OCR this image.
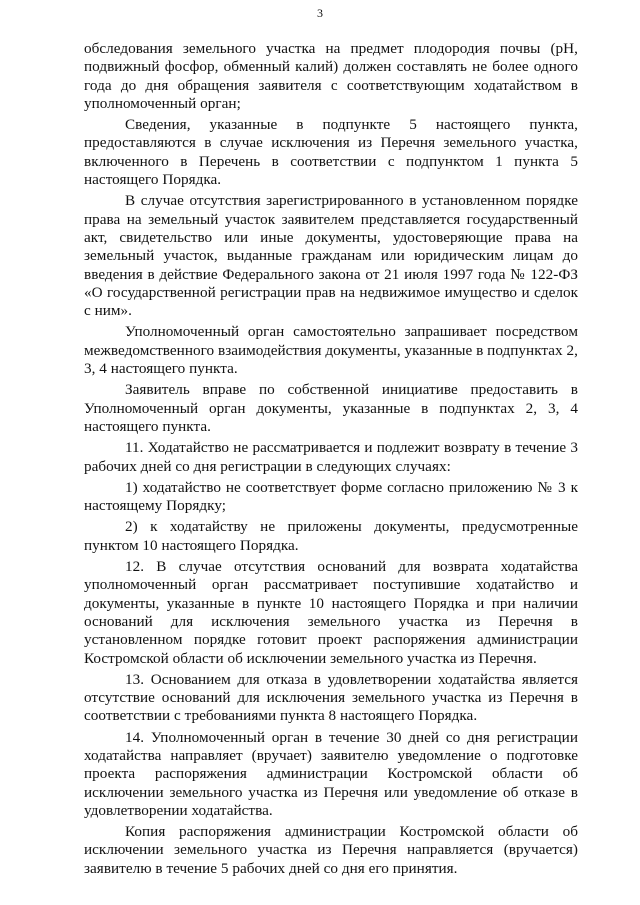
3

обследования земельного участка на предмет плодородия почвы (pH, подвижный фосфор, обменный калий) должен составлять не более одного года до дня обращения заявителя с соответствующим ходатайством в уполномоченный орган;

Сведения, указанные в подпункте 5 настоящего пункта, предоставляются в случае исключения из Перечня земельного участка, включенного в Перечень в соответствии с подпунктом 1 пункта 5 настоящего Порядка.

В случае отсутствия зарегистрированного в установленном порядке права на земельный участок заявителем представляется государственный акт, свидетельство или иные документы, удостоверяющие права на земельный участок, выданные гражданам или юридическим лицам до введения в действие Федерального закона от 21 июля 1997 года № 122-ФЗ «О государственной регистрации прав на недвижимое имущество и сделок с ним».

Уполномоченный орган самостоятельно запрашивает посредством межведомственного взаимодействия документы, указанные в подпунктах 2, 3, 4 настоящего пункта.

Заявитель вправе по собственной инициативе предоставить в Уполномоченный орган документы, указанные в подпунктах 2, 3, 4 настоящего пункта.

11. Ходатайство не рассматривается и подлежит возврату в течение 3 рабочих дней со дня регистрации в следующих случаях:

1) ходатайство не соответствует форме согласно приложению № 3 к настоящему Порядку;

2) к ходатайству не приложены документы, предусмотренные пунктом 10 настоящего Порядка.

12. В случае отсутствия оснований для возврата ходатайства уполномоченный орган рассматривает поступившие ходатайство и документы, указанные в пункте 10 настоящего Порядка и при наличии оснований для исключения земельного участка из Перечня в установленном порядке готовит проект распоряжения администрации Костромской области об исключении земельного участка из Перечня.

13. Основанием для отказа в удовлетворении ходатайства является отсутствие оснований для исключения земельного участка из Перечня в соответствии с требованиями пункта 8 настоящего Порядка.

14. Уполномоченный орган в течение 30 дней со дня регистрации ходатайства направляет (вручает) заявителю уведомление о подготовке проекта распоряжения администрации Костромской области об исключении земельного участка из Перечня или уведомление об отказе в удовлетворении ходатайства.

Копия распоряжения администрации Костромской области об исключении земельного участка из Перечня направляется (вручается) заявителю в течение 5 рабочих дней со дня его принятия.
